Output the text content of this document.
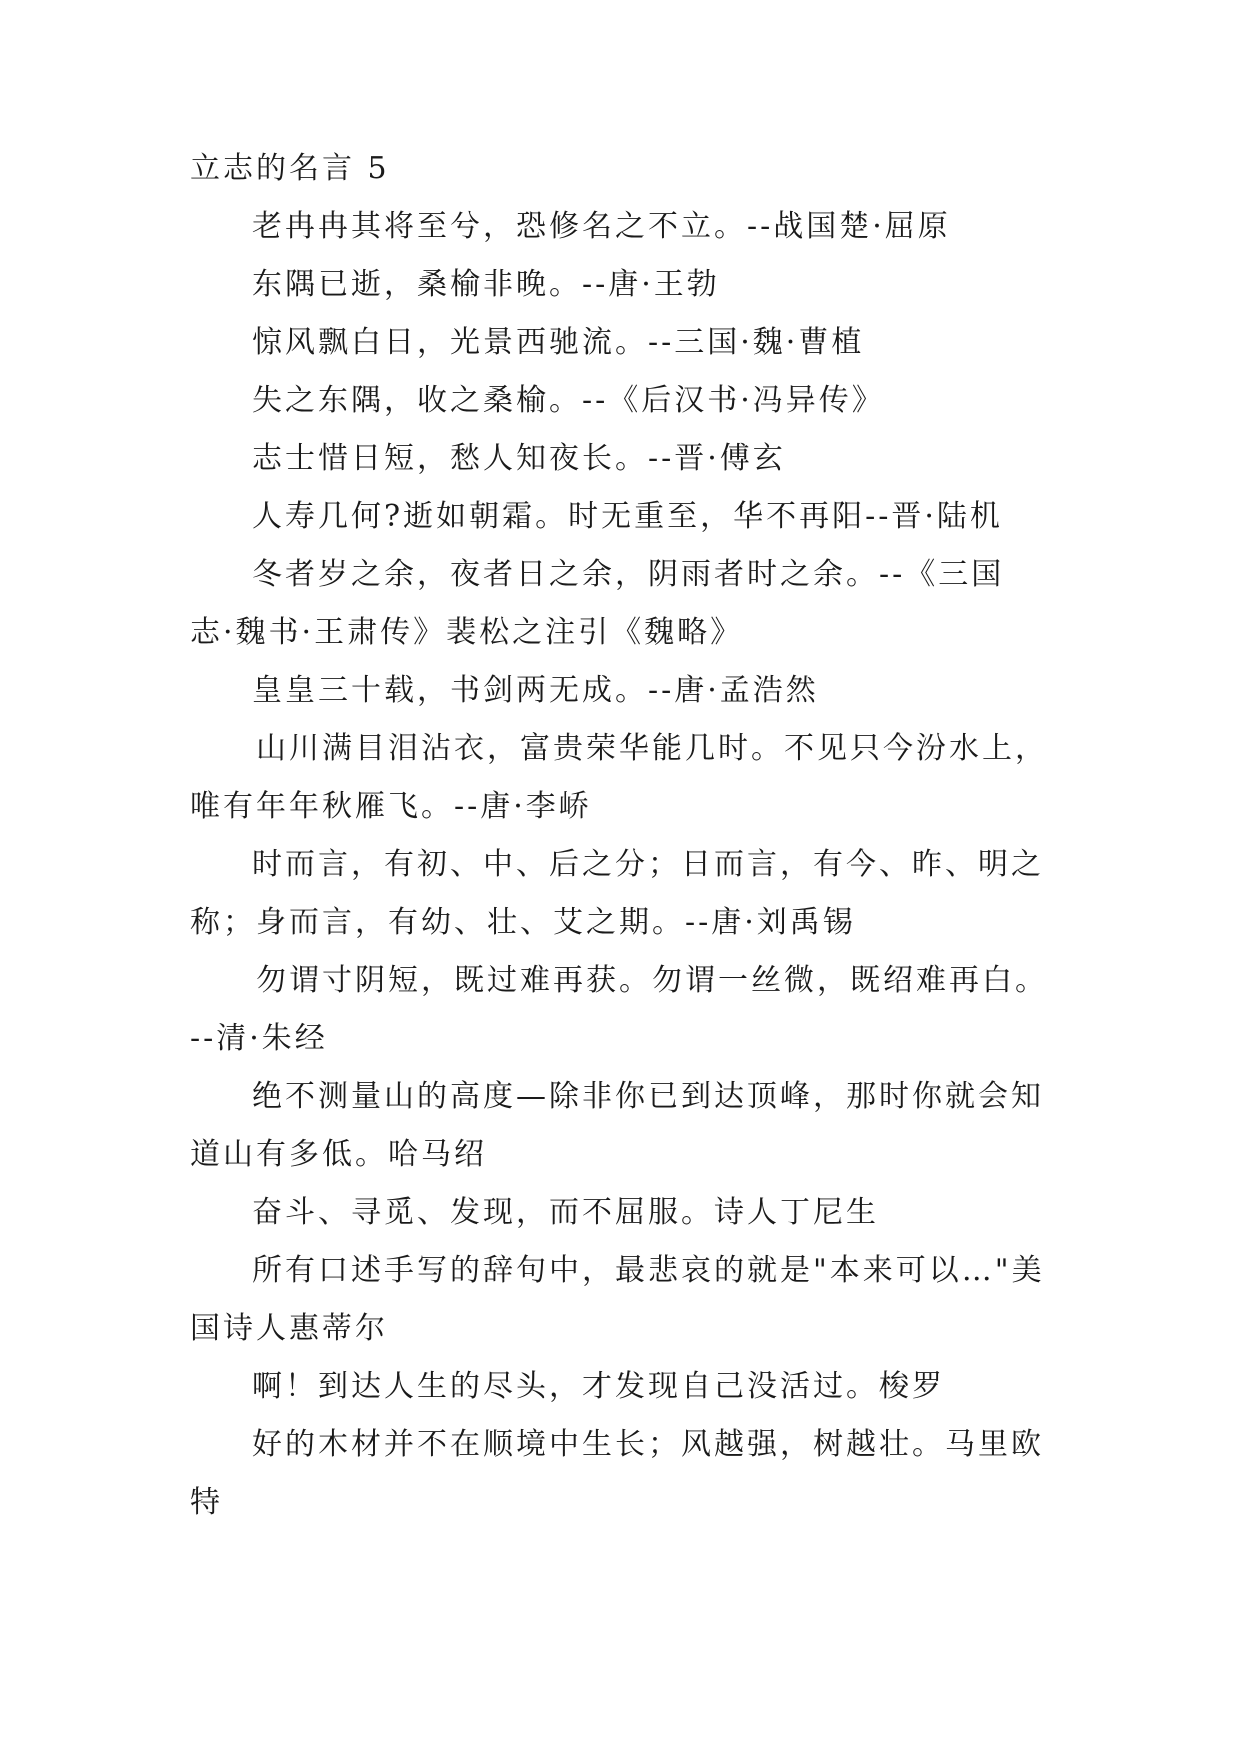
立志的名言 5
老冉冉其将至兮，恐修名之不立。--战国楚·屈原
东隅已逝，桑榆非晚。--唐·王勃
惊风飘白日，光景西驰流。--三国·魏·曹植
失之东隅，收之桑榆。--《后汉书·冯异传》
志士惜日短，愁人知夜长。--晋·傅玄
人寿几何?逝如朝霜。时无重至，华不再阳--晋·陆机
冬者岁之余，夜者日之余，阴雨者时之余。--《三国
志·魏书·王肃传》裴松之注引《魏略》
皇皇三十载，书剑两无成。--唐·孟浩然
山川满目泪沾衣，富贵荣华能几时。不见只今汾水上，
唯有年年秋雁飞。--唐·李峤
时而言，有初、中、后之分；日而言，有今、昨、明之
称；身而言，有幼、壮、艾之期。--唐·刘禹锡
勿谓寸阴短，既过难再获。勿谓一丝微，既绍难再白。
--清·朱经
绝不测量山的高度—除非你已到达顶峰，那时你就会知
道山有多低。哈马绍
奋斗、寻觅、发现，而不屈服。诗人丁尼生
所有口述手写的辞句中，最悲哀的就是"本来可以…"美
国诗人惠蒂尔
啊！到达人生的尽头，才发现自己没活过。梭罗
好的木材并不在顺境中生长；风越强，树越壮。马里欧
特
